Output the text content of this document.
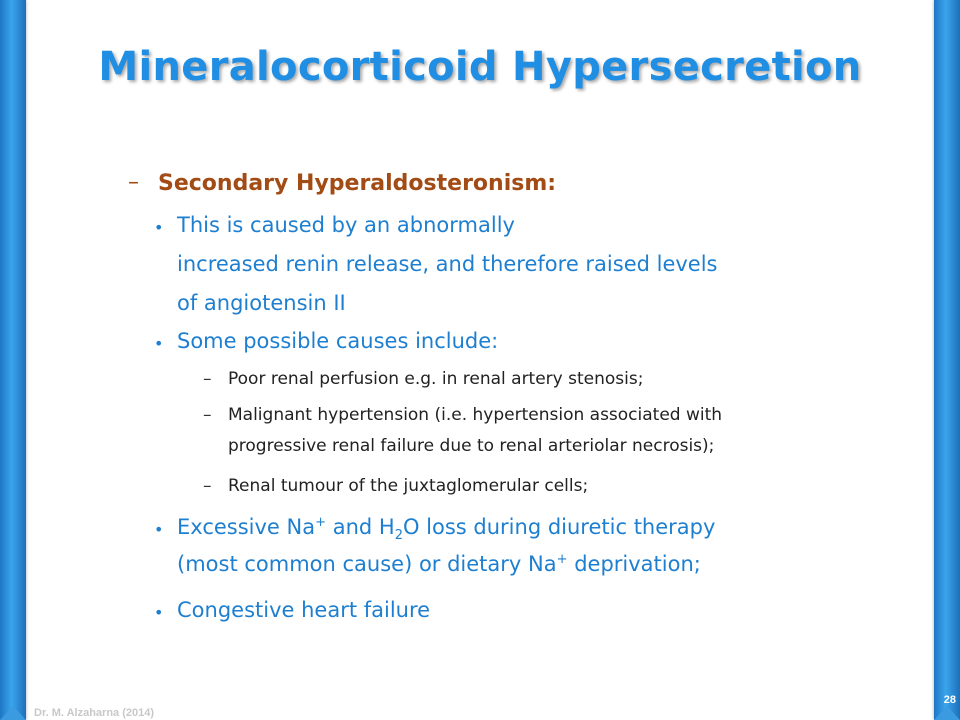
Mineralocorticoid Hypersecretion
– Secondary Hyperaldosteronism:
• This is caused by an abnormally
increased renin release, and therefore raised levels
of angiotensin II
• Some possible causes include:
– Poor renal perfusion e.g. in renal artery stenosis;
– Malignant hypertension (i.e. hypertension associated with
progressive renal failure due to renal arteriolar necrosis);
– Renal tumour of the juxtaglomerular cells;
• Excessive Na+ and $H_2O$ loss during diuretic therapy
(most common cause) or dietary Na+ deprivation;
• Congestive heart failure
Dr. M. Alzaharna (2014)
28
